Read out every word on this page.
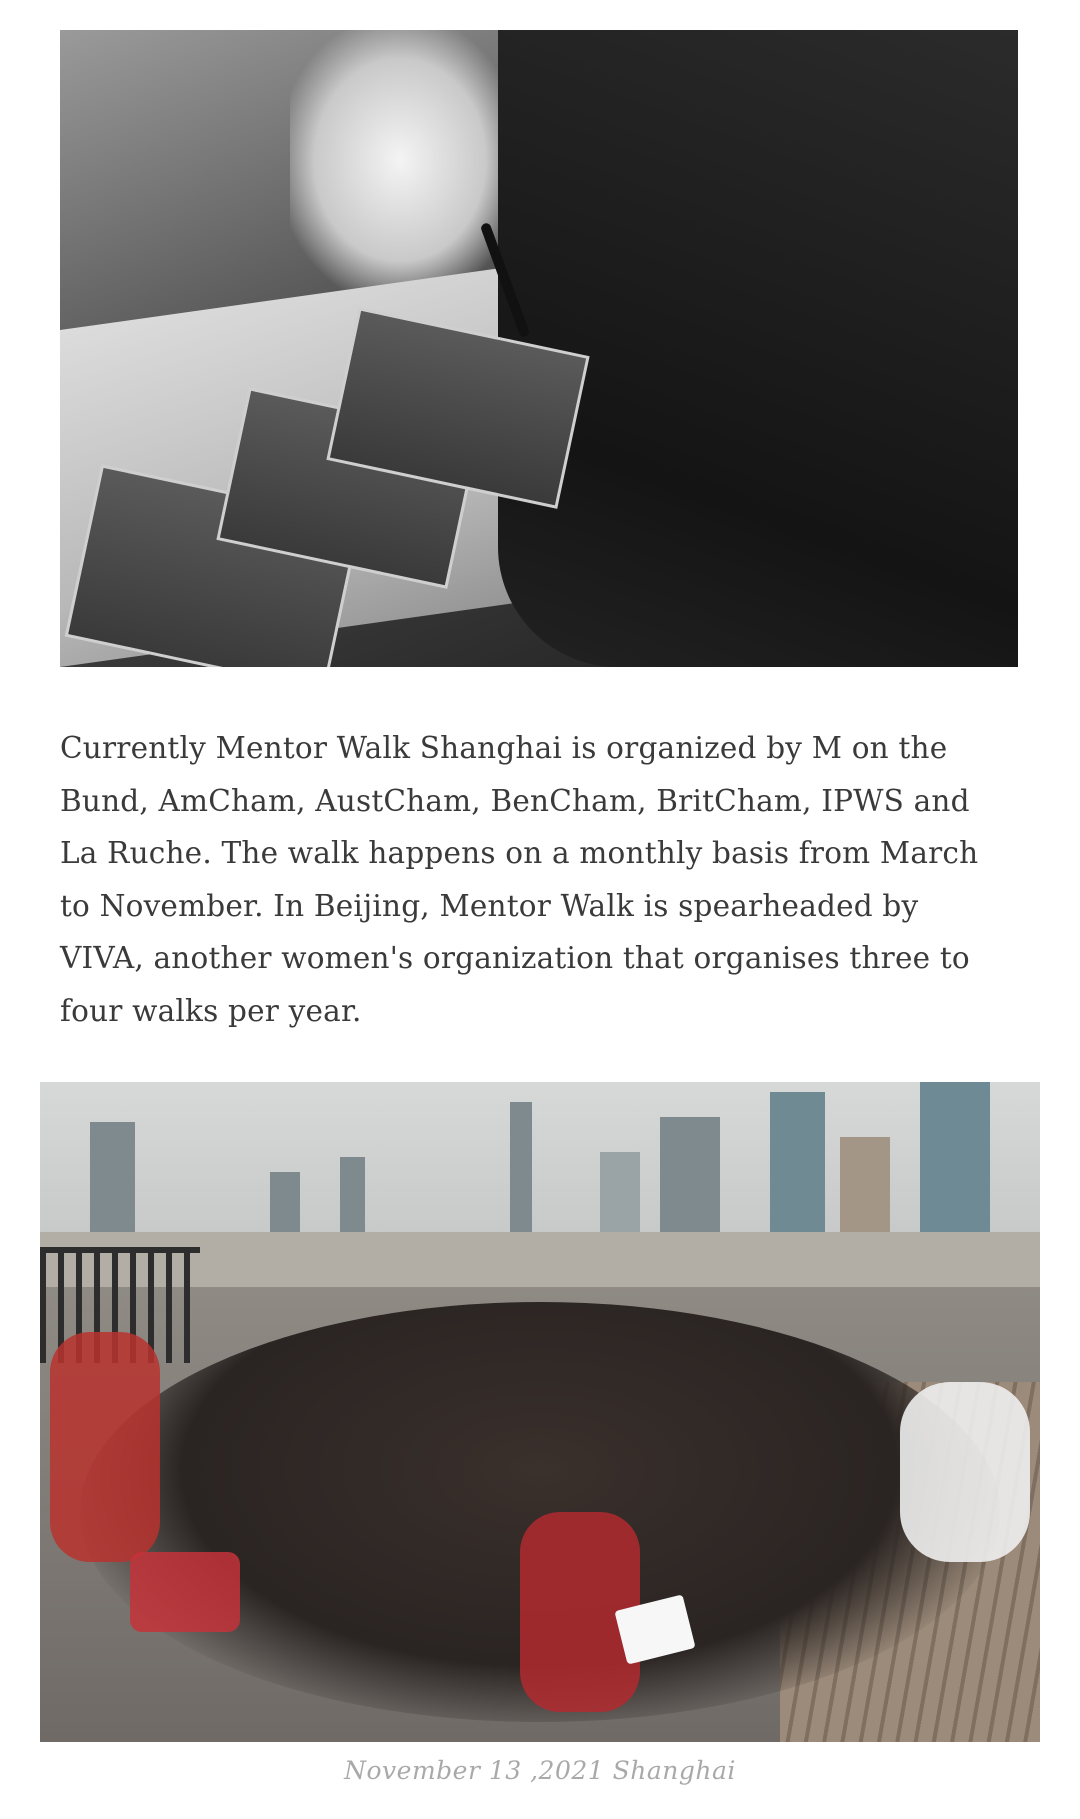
Currently Mentor Walk Shanghai is organized by M on the Bund, AmCham, AustCham, BenCham, BritCham, IPWS and La Ruche. The walk happens on a monthly basis from March to November. In Beijing, Mentor Walk is spearheaded by VIVA, another women's organization that organises three to four walks per year.

November 13 ,2021 Shanghai
